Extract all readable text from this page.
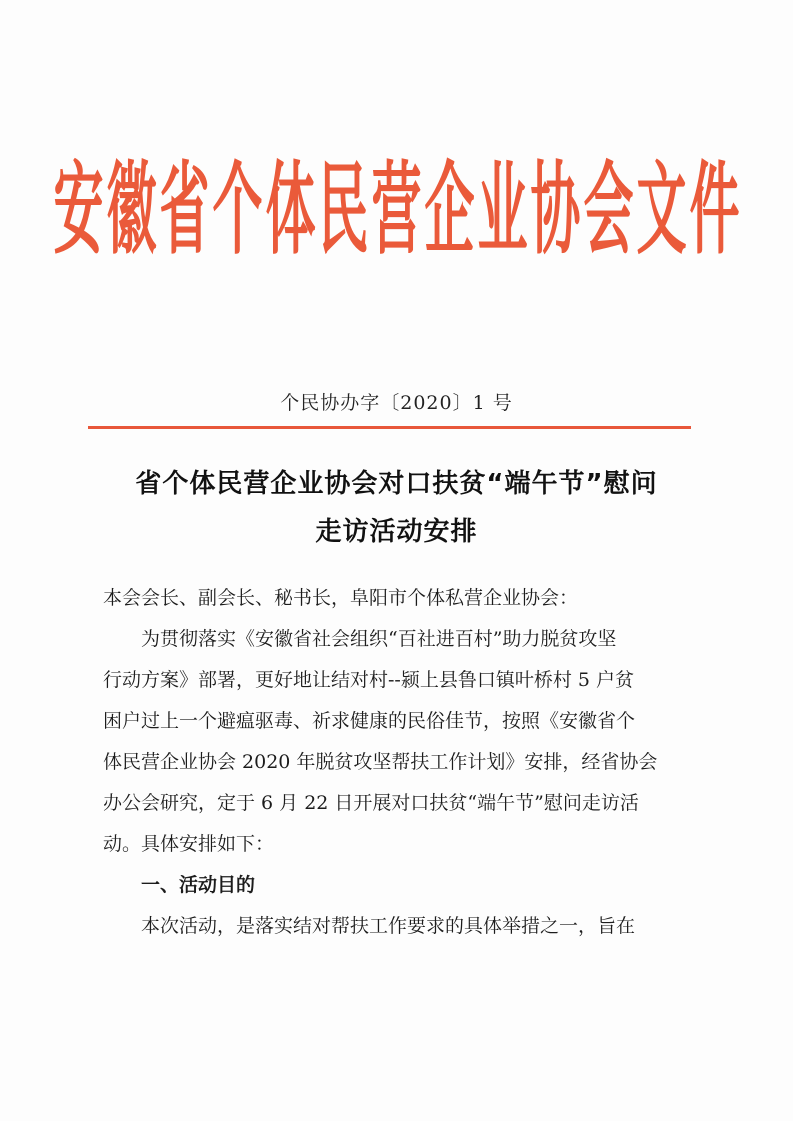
安徽省个体民营企业协会文件
个民协办字〔2020〕1 号
省个体民营企业协会对口扶贫“端午节”慰问
走访活动安排

本会会长、副会长、秘书长，阜阳市个体私营企业协会：

为贯彻落实《安徽省社会组织“百社进百村”助力脱贫攻坚

行动方案》部署，更好地让结对村--颍上县鲁口镇叶桥村 5 户贫

困户过上一个避瘟驱毒、祈求健康的民俗佳节，按照《安徽省个

体民营企业协会 2020 年脱贫攻坚帮扶工作计划》安排，经省协会

办公会研究，定于 6 月 22 日开展对口扶贫“端午节”慰问走访活

动。具体安排如下：

一、活动目的

本次活动，是落实结对帮扶工作要求的具体举措之一，旨在
